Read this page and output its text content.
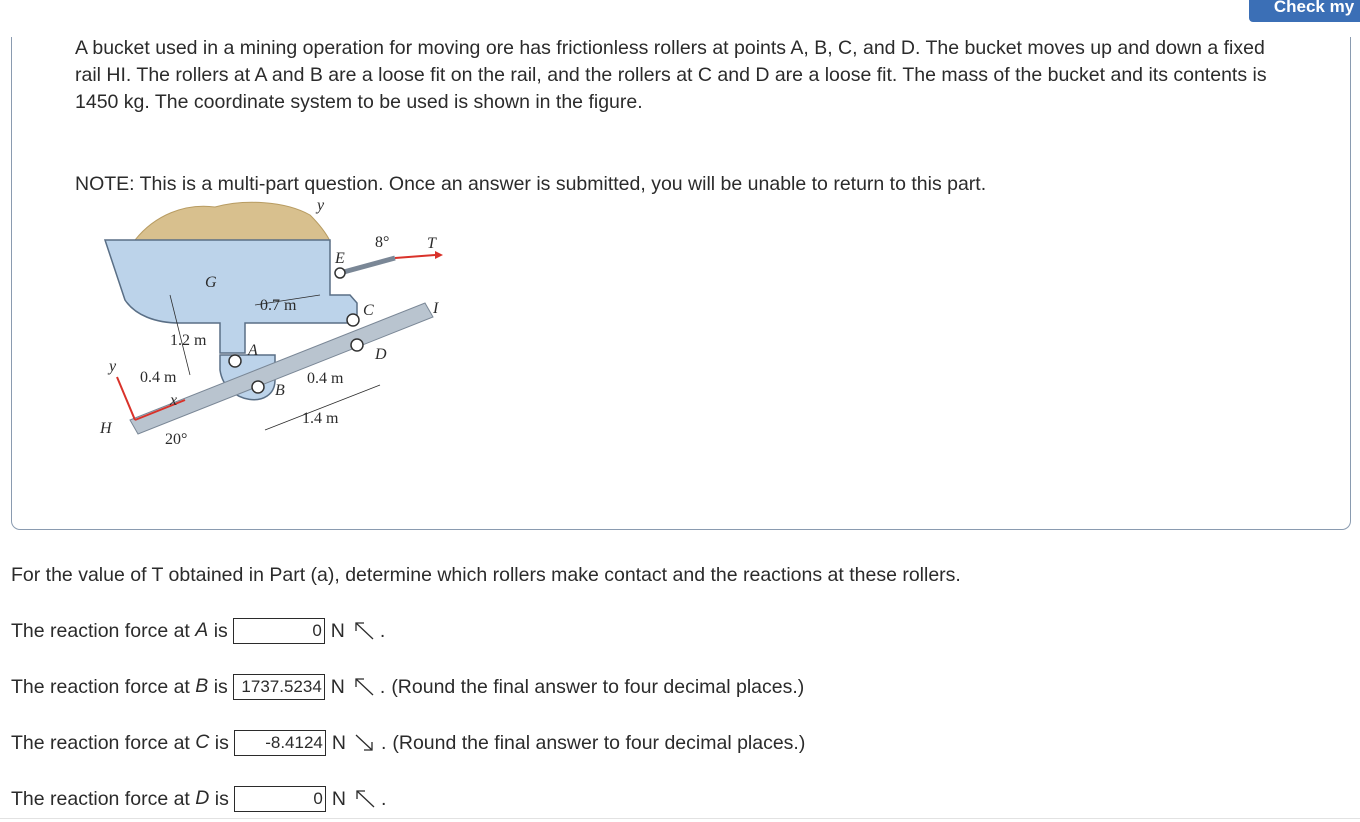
Check my
A bucket used in a mining operation for moving ore has frictionless rollers at points A, B, C, and D. The bucket moves up and down a fixed rail HI. The rollers at A and B are a loose fit on the rail, and the rollers at C and D are a loose fit. The mass of the bucket and its contents is 1450 kg. The coordinate system to be used is shown in the figure.
NOTE: This is a multi-part question. Once an answer is submitted, you will be unable to return to this part.
G
E
A
B
C
D
H
I
T
y
x
y
8°
0.7 m
1.2 m
0.4 m	0.4 m
1.4 m
20°
For the value of T obtained in Part (a), determine which rollers make contact and the reactions at these rollers.
The reaction force at A is0	N .
The reaction force at B is1737.5234	N . (Round the final answer to four decimal places.)
The reaction force at C is-8.4124	N . (Round the final answer to four decimal places.)
The reaction force at D is0	N .
